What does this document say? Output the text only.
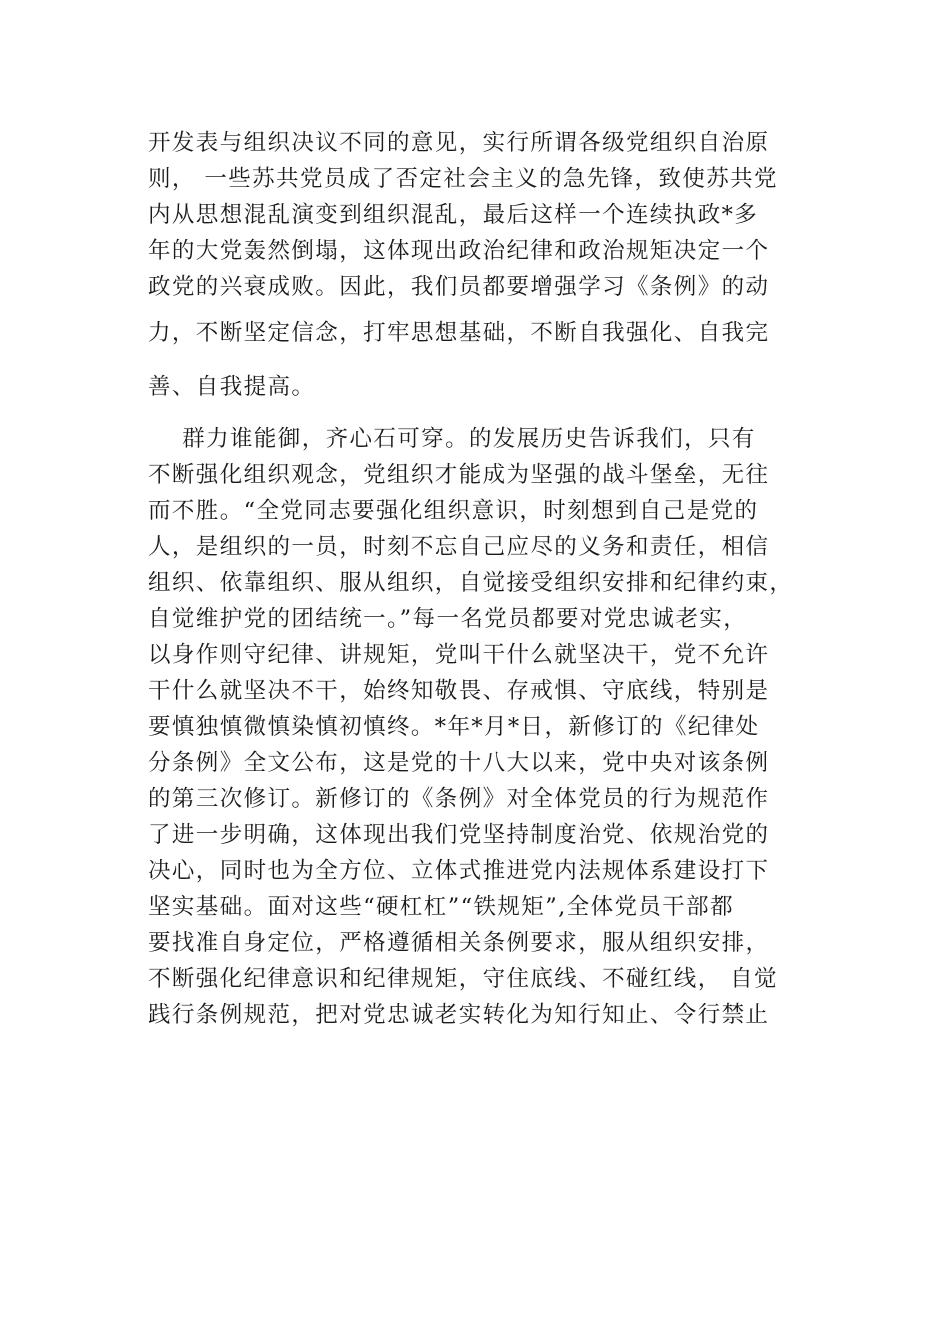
开发表与组织决议不同的意见，实行所谓各级党组织自治原
则， 一些苏共党员成了否定社会主义的急先锋，致使苏共党
内从思想混乱演变到组织混乱，最后这样一个连续执政*多
年的大党轰然倒塌，这体现出政治纪律和政治规矩决定一个
政党的兴衰成败。因此，我们员都要增强学习《条例》的动
力，不断坚定信念，打牢思想基础，不断自我强化、自我完
善、自我提高。
群力谁能御，齐心石可穿。的发展历史告诉我们，只有
不断强化组织观念，党组织才能成为坚强的战斗堡垒，无往
而不胜。“全党同志要强化组织意识，时刻想到自己是党的
人，是组织的一员，时刻不忘自己应尽的义务和责任，相信
组织、依靠组织、服从组织，自觉接受组织安排和纪律约束，
自觉维护党的团结统一。”每一名党员都要对党忠诚老实，
以身作则守纪律、讲规矩，党叫干什么就坚决干，党不允许
干什么就坚决不干，始终知敬畏、存戒惧、守底线，特别是
要慎独慎微慎染慎初慎终。*年*月*日，新修订的《纪律处
分条例》全文公布，这是党的十八大以来，党中央对该条例
的第三次修订。新修订的《条例》对全体党员的行为规范作
了进一步明确，这体现出我们党坚持制度治党、依规治党的
决心，同时也为全方位、立体式推进党内法规体系建设打下
坚实基础。面对这些“硬杠杠”“铁规矩”,全体党员干部都
要找准自身定位，严格遵循相关条例要求，服从组织安排，
不断强化纪律意识和纪律规矩，守住底线、不碰红线， 自觉
践行条例规范，把对党忠诚老实转化为知行知止、令行禁止
